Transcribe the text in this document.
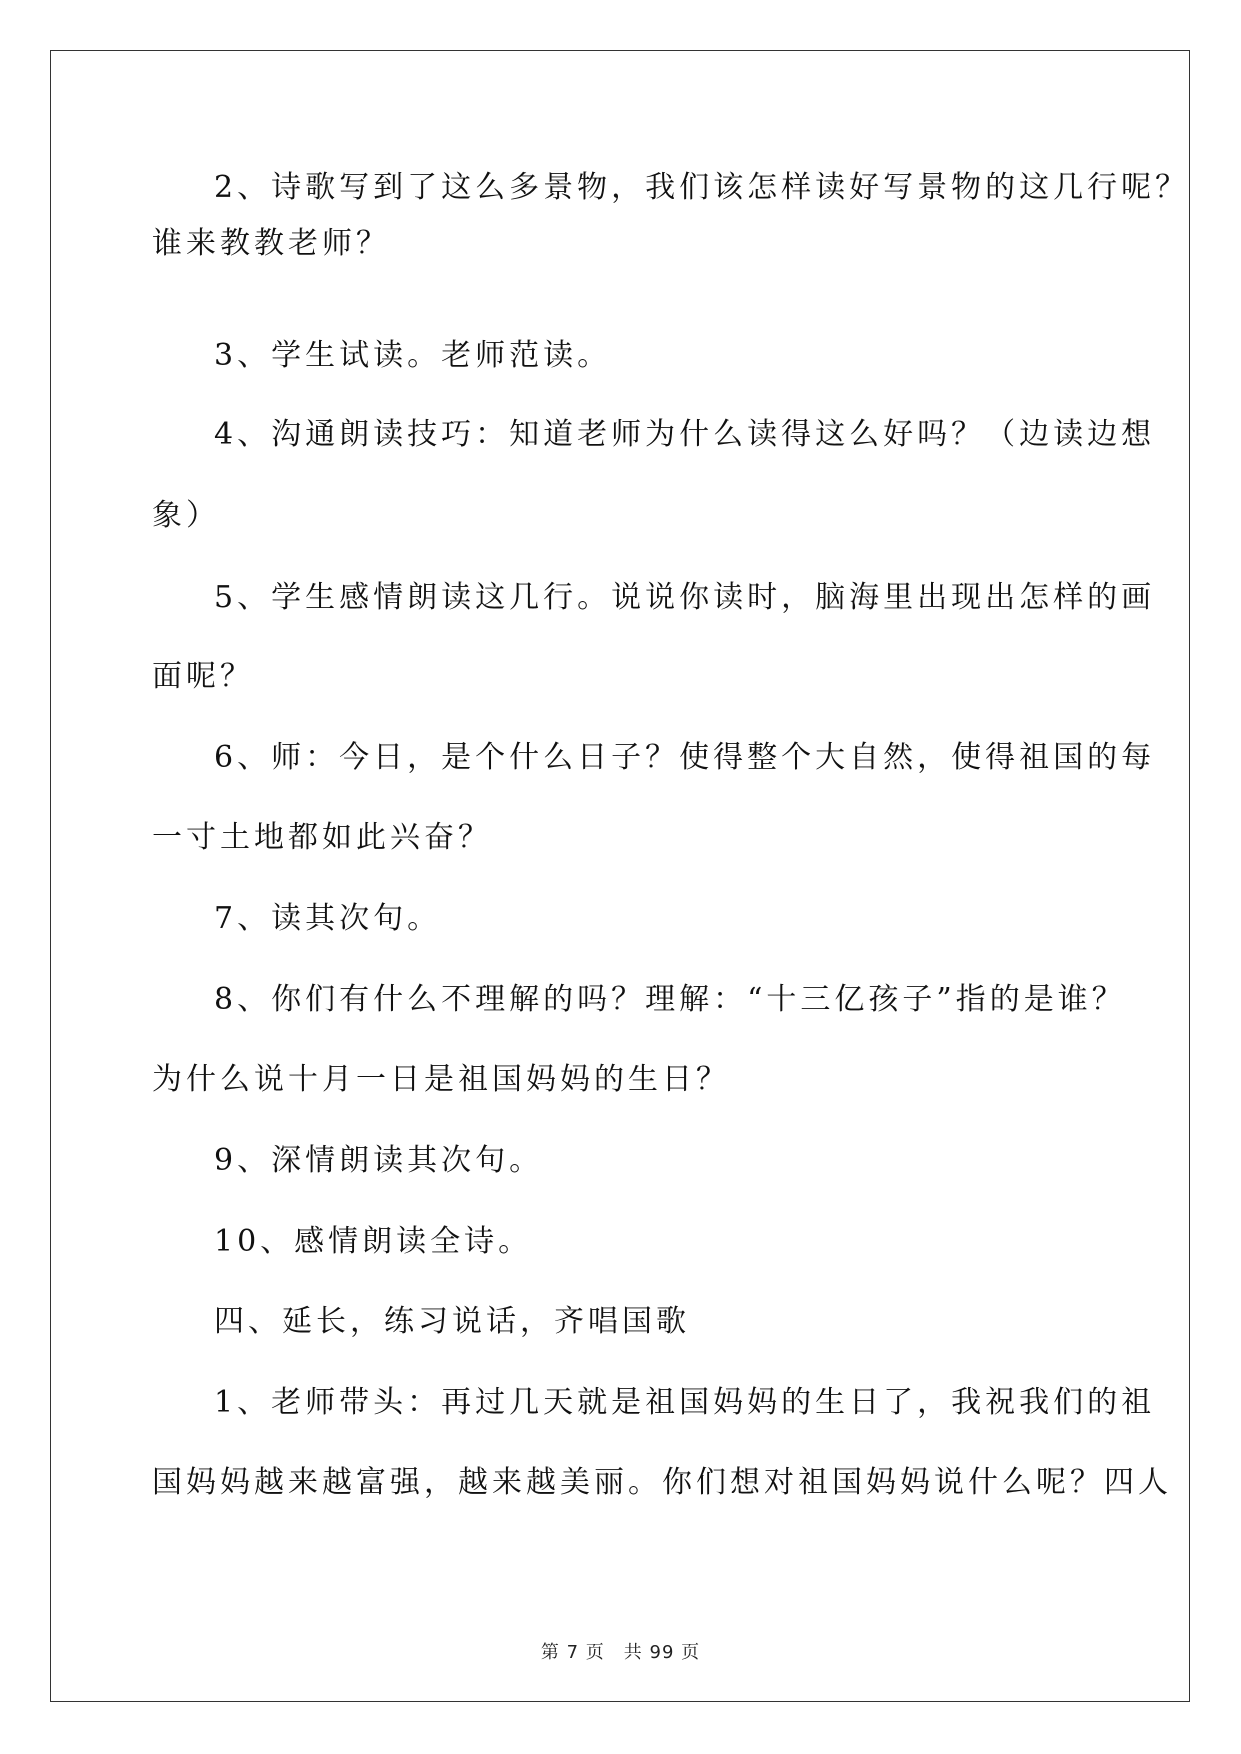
2、诗歌写到了这么多景物，我们该怎样读好写景物的这几行呢？
谁来教教老师？
3、学生试读。老师范读。
4、沟通朗读技巧：知道老师为什么读得这么好吗？（边读边想
象）
5、学生感情朗读这几行。说说你读时，脑海里出现出怎样的画
面呢？
6、师：今日，是个什么日子？使得整个大自然，使得祖国的每
一寸土地都如此兴奋？
7、读其次句。
8、你们有什么不理解的吗？理解：“十三亿孩子”指的是谁？
为什么说十月一日是祖国妈妈的生日？
9、深情朗读其次句。
10、感情朗读全诗。
四、延长，练习说话，齐唱国歌
1、老师带头：再过几天就是祖国妈妈的生日了，我祝我们的祖
国妈妈越来越富强，越来越美丽。你们想对祖国妈妈说什么呢？四人
第 7 页　共 99 页
